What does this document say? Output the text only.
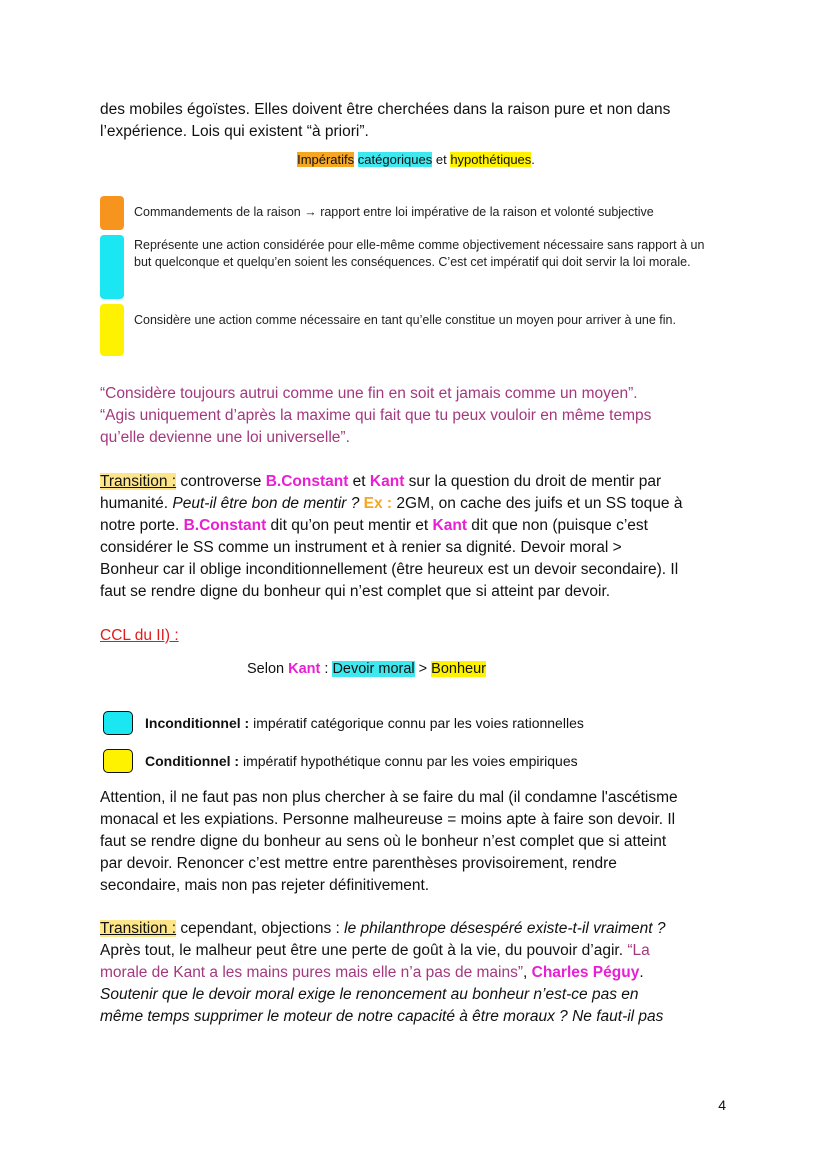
des mobiles égoïstes. Elles doivent être cherchées dans la raison pure et non dans

l’expérience. Lois qui existent “à priori”.

Impératifs catégoriques et hypothétiques.
Commandements de la raison → rapport entre loi impérative de la raison et volonté subjective
Représente une action considérée pour elle-même comme objectivement nécessaire sans rapport à un but quelconque et quelqu’en soient les conséquences. C’est cet impératif qui doit servir la loi morale.
Considère une action comme nécessaire en tant qu’elle constitue un moyen pour arriver à une fin.

“Considère toujours autrui comme une fin en soit et jamais comme un moyen”.

“Agis uniquement d’après la maxime qui fait que tu peux vouloir en même temps

qu’elle devienne une loi universelle”.

Transition : controverse B.Constant et Kant sur la question du droit de mentir par

humanité. Peut-il être bon de mentir ? Ex : 2GM, on cache des juifs et un SS toque à

notre porte. B.Constant dit qu’on peut mentir et Kant dit que non (puisque c’est

considérer le SS comme un instrument et à renier sa dignité. Devoir moral >

Bonheur car il oblige inconditionnellement (être heureux est un devoir secondaire). Il

faut se rendre digne du bonheur qui n’est complet que si atteint par devoir.

CCL du II) :

Selon Kant : Devoir moral > Bonheur
Inconditionnel : impératif catégorique connu par les voies rationnelles
Conditionnel : impératif hypothétique connu par les voies empiriques

Attention, il ne faut pas non plus chercher à se faire du mal (il condamne l'ascétisme

monacal et les expiations. Personne malheureuse = moins apte à faire son devoir. Il

faut se rendre digne du bonheur au sens où le bonheur n’est complet que si atteint

par devoir. Renoncer c’est mettre entre parenthèses provisoirement, rendre

secondaire, mais non pas rejeter définitivement.

Transition : cependant, objections : le philanthrope désespéré existe-t-il vraiment ?

Après tout, le malheur peut être une perte de goût à la vie, du pouvoir d’agir. “La

morale de Kant a les mains pures mais elle n’a pas de mains”, Charles Péguy.

Soutenir que le devoir moral exige le renoncement au bonheur n’est-ce pas en

même temps supprimer le moteur de notre capacité à être moraux ? Ne faut-il pas

4
